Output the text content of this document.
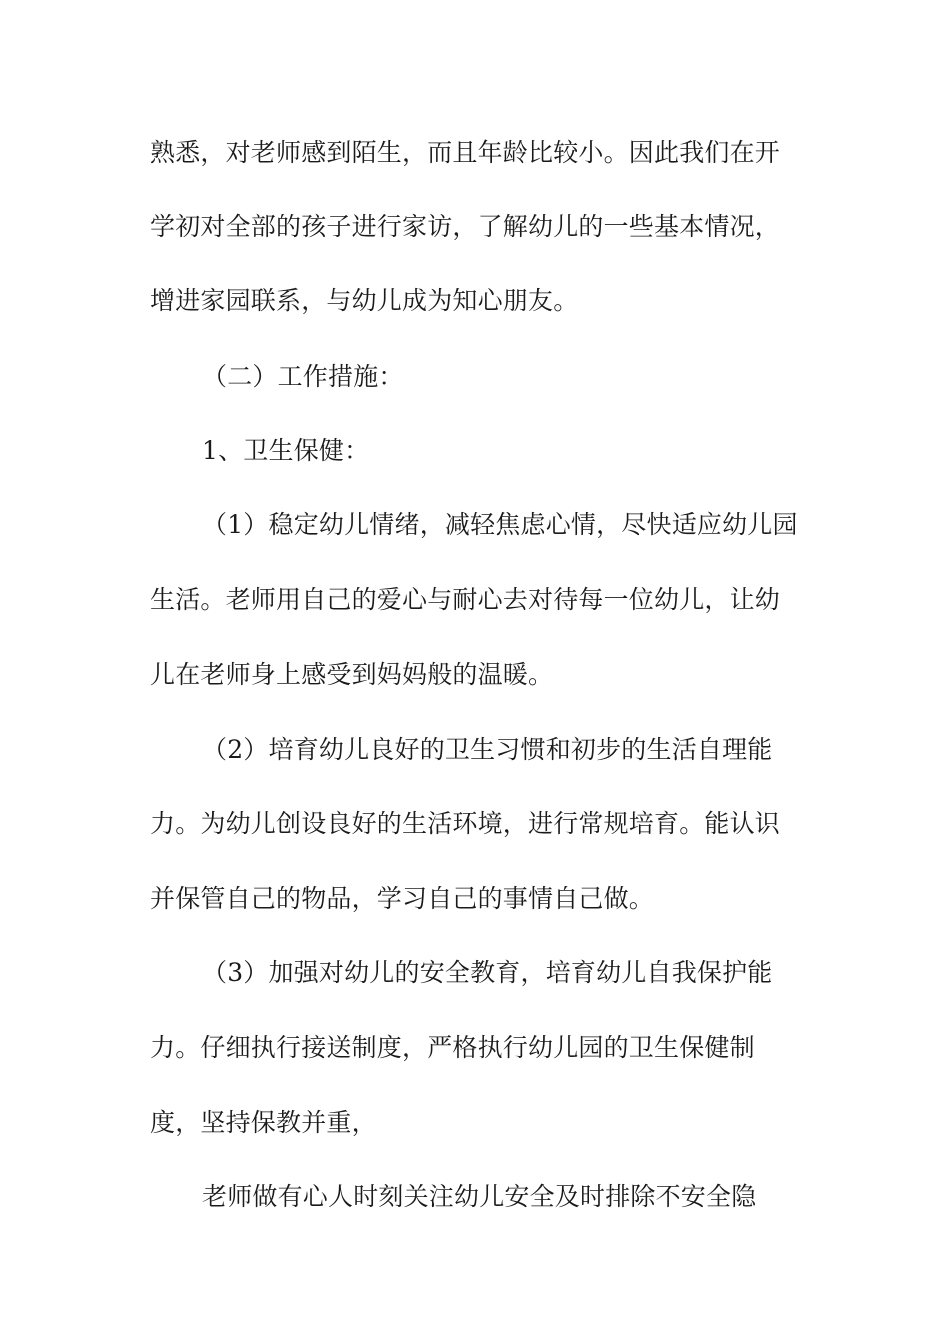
熟悉，对老师感到陌生，而且年龄比较小。因此我们在开
学初对全部的孩子进行家访，了解幼儿的一些基本情况，
增进家园联系，与幼儿成为知心朋友。
（二）工作措施：
1、卫生保健：
（1）稳定幼儿情绪，减轻焦虑心情，尽快适应幼儿园
生活。老师用自己的爱心与耐心去对待每一位幼儿，让幼
儿在老师身上感受到妈妈般的温暖。
（2）培育幼儿良好的卫生习惯和初步的生活自理能
力。为幼儿创设良好的生活环境，进行常规培育。能认识
并保管自己的物品，学习自己的事情自己做。
（3）加强对幼儿的安全教育，培育幼儿自我保护能
力。仔细执行接送制度，严格执行幼儿园的卫生保健制
度，坚持保教并重，
老师做有心人时刻关注幼儿安全及时排除不安全隐
